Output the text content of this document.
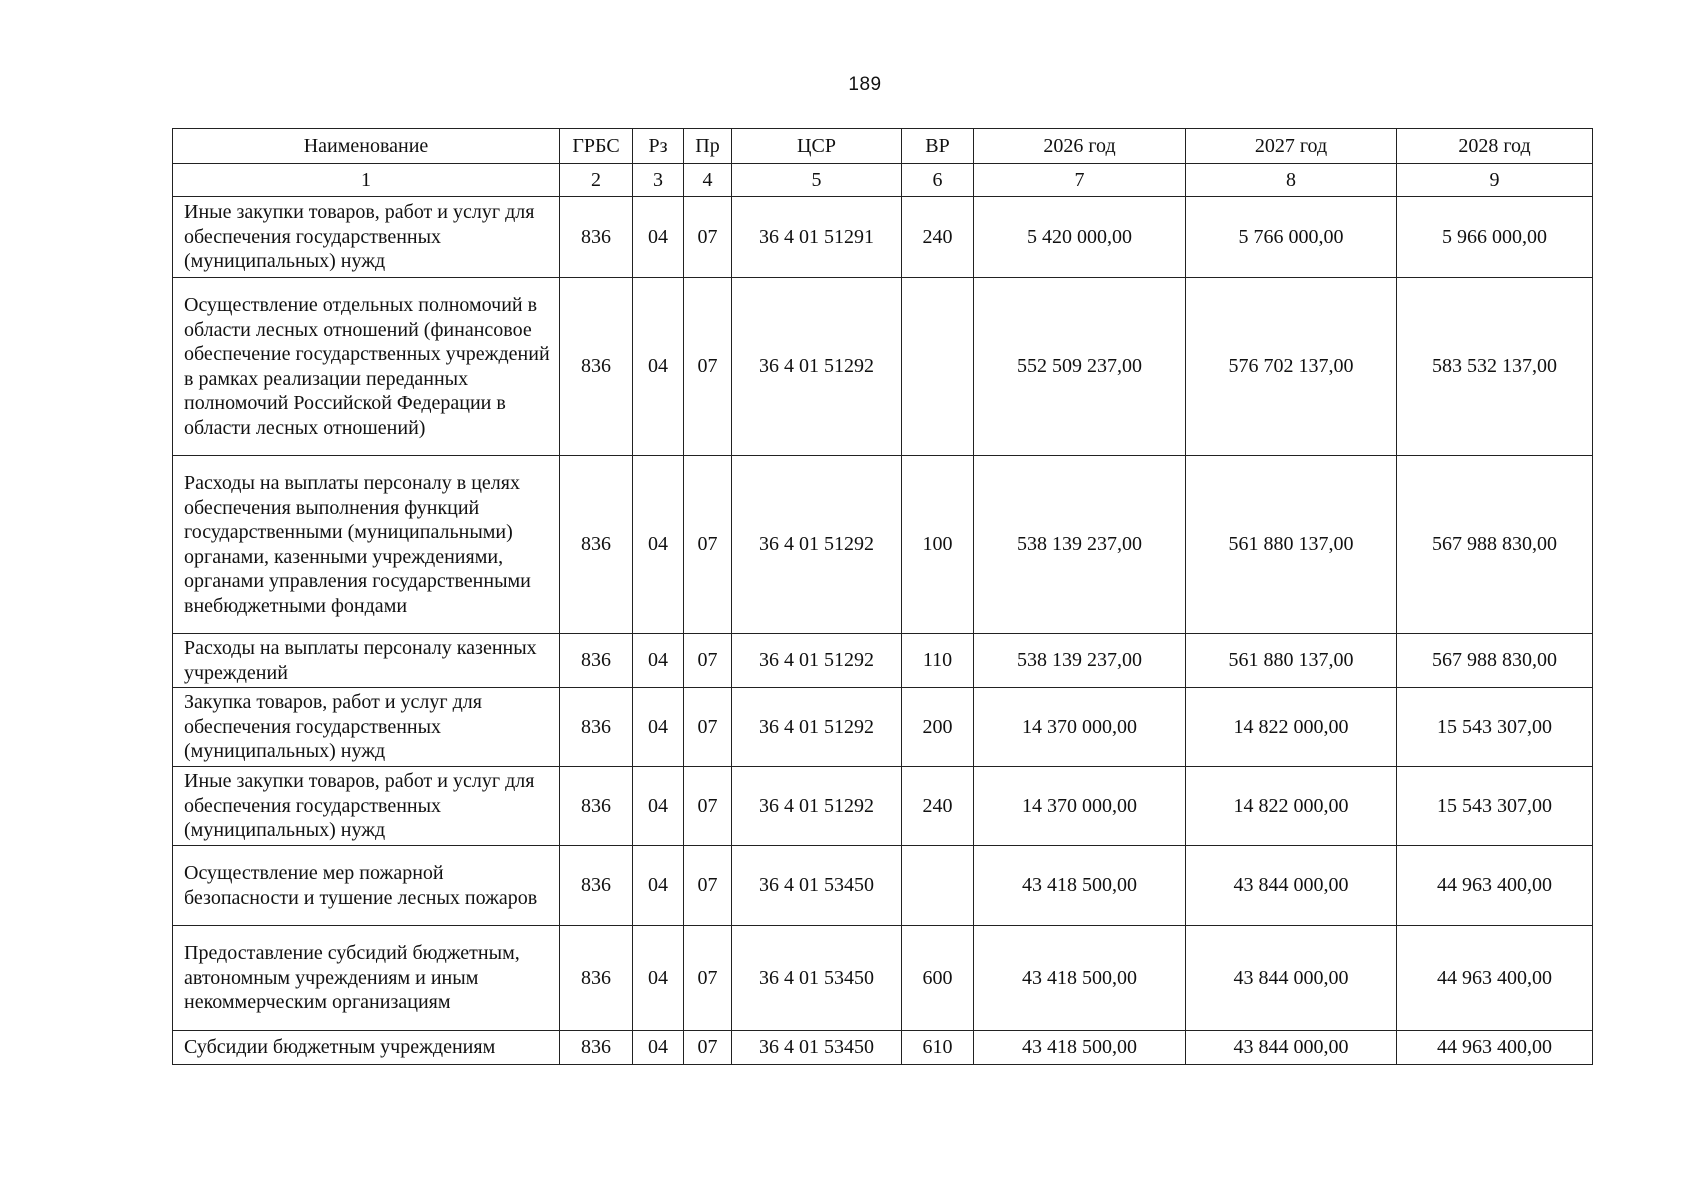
189
Наименование	ГРБС	Рз	Пр	ЦСР	ВР	2026 год	2027 год	2028 год
1	2	3	4	5	6	7	8	9
Иные закупки товаров, работ и услуг для обеспечения государственных (муниципальных) нужд	836	04	07	36 4 01 51291	240	5 420 000,00	5 766 000,00	5 966 000,00
Осуществление отдельных полномочий в области лесных отношений (финансовое обеспечение государственных учреждений в рамках реализации переданных полномочий Российской Федерации в области лесных отношений)	836	04	07	36 4 01 51292		552 509 237,00	576 702 137,00	583 532 137,00
Расходы на выплаты персоналу в целях обеспечения выполнения функций государственными (муниципальными) органами, казенными учреждениями, органами управления государственными внебюджетными фондами	836	04	07	36 4 01 51292	100	538 139 237,00	561 880 137,00	567 988 830,00
Расходы на выплаты персоналу казенных учреждений	836	04	07	36 4 01 51292	110	538 139 237,00	561 880 137,00	567 988 830,00
Закупка товаров, работ и услуг для обеспечения государственных (муниципальных) нужд	836	04	07	36 4 01 51292	200	14 370 000,00	14 822 000,00	15 543 307,00
Иные закупки товаров, работ и услуг для обеспечения государственных (муниципальных) нужд	836	04	07	36 4 01 51292	240	14 370 000,00	14 822 000,00	15 543 307,00
Осуществление мер пожарной безопасности и тушение лесных пожаров	836	04	07	36 4 01 53450		43 418 500,00	43 844 000,00	44 963 400,00
Предоставление субсидий бюджетным, автономным учреждениям и иным некоммерческим организациям	836	04	07	36 4 01 53450	600	43 418 500,00	43 844 000,00	44 963 400,00
Субсидии бюджетным учреждениям	836	04	07	36 4 01 53450	610	43 418 500,00	43 844 000,00	44 963 400,00
